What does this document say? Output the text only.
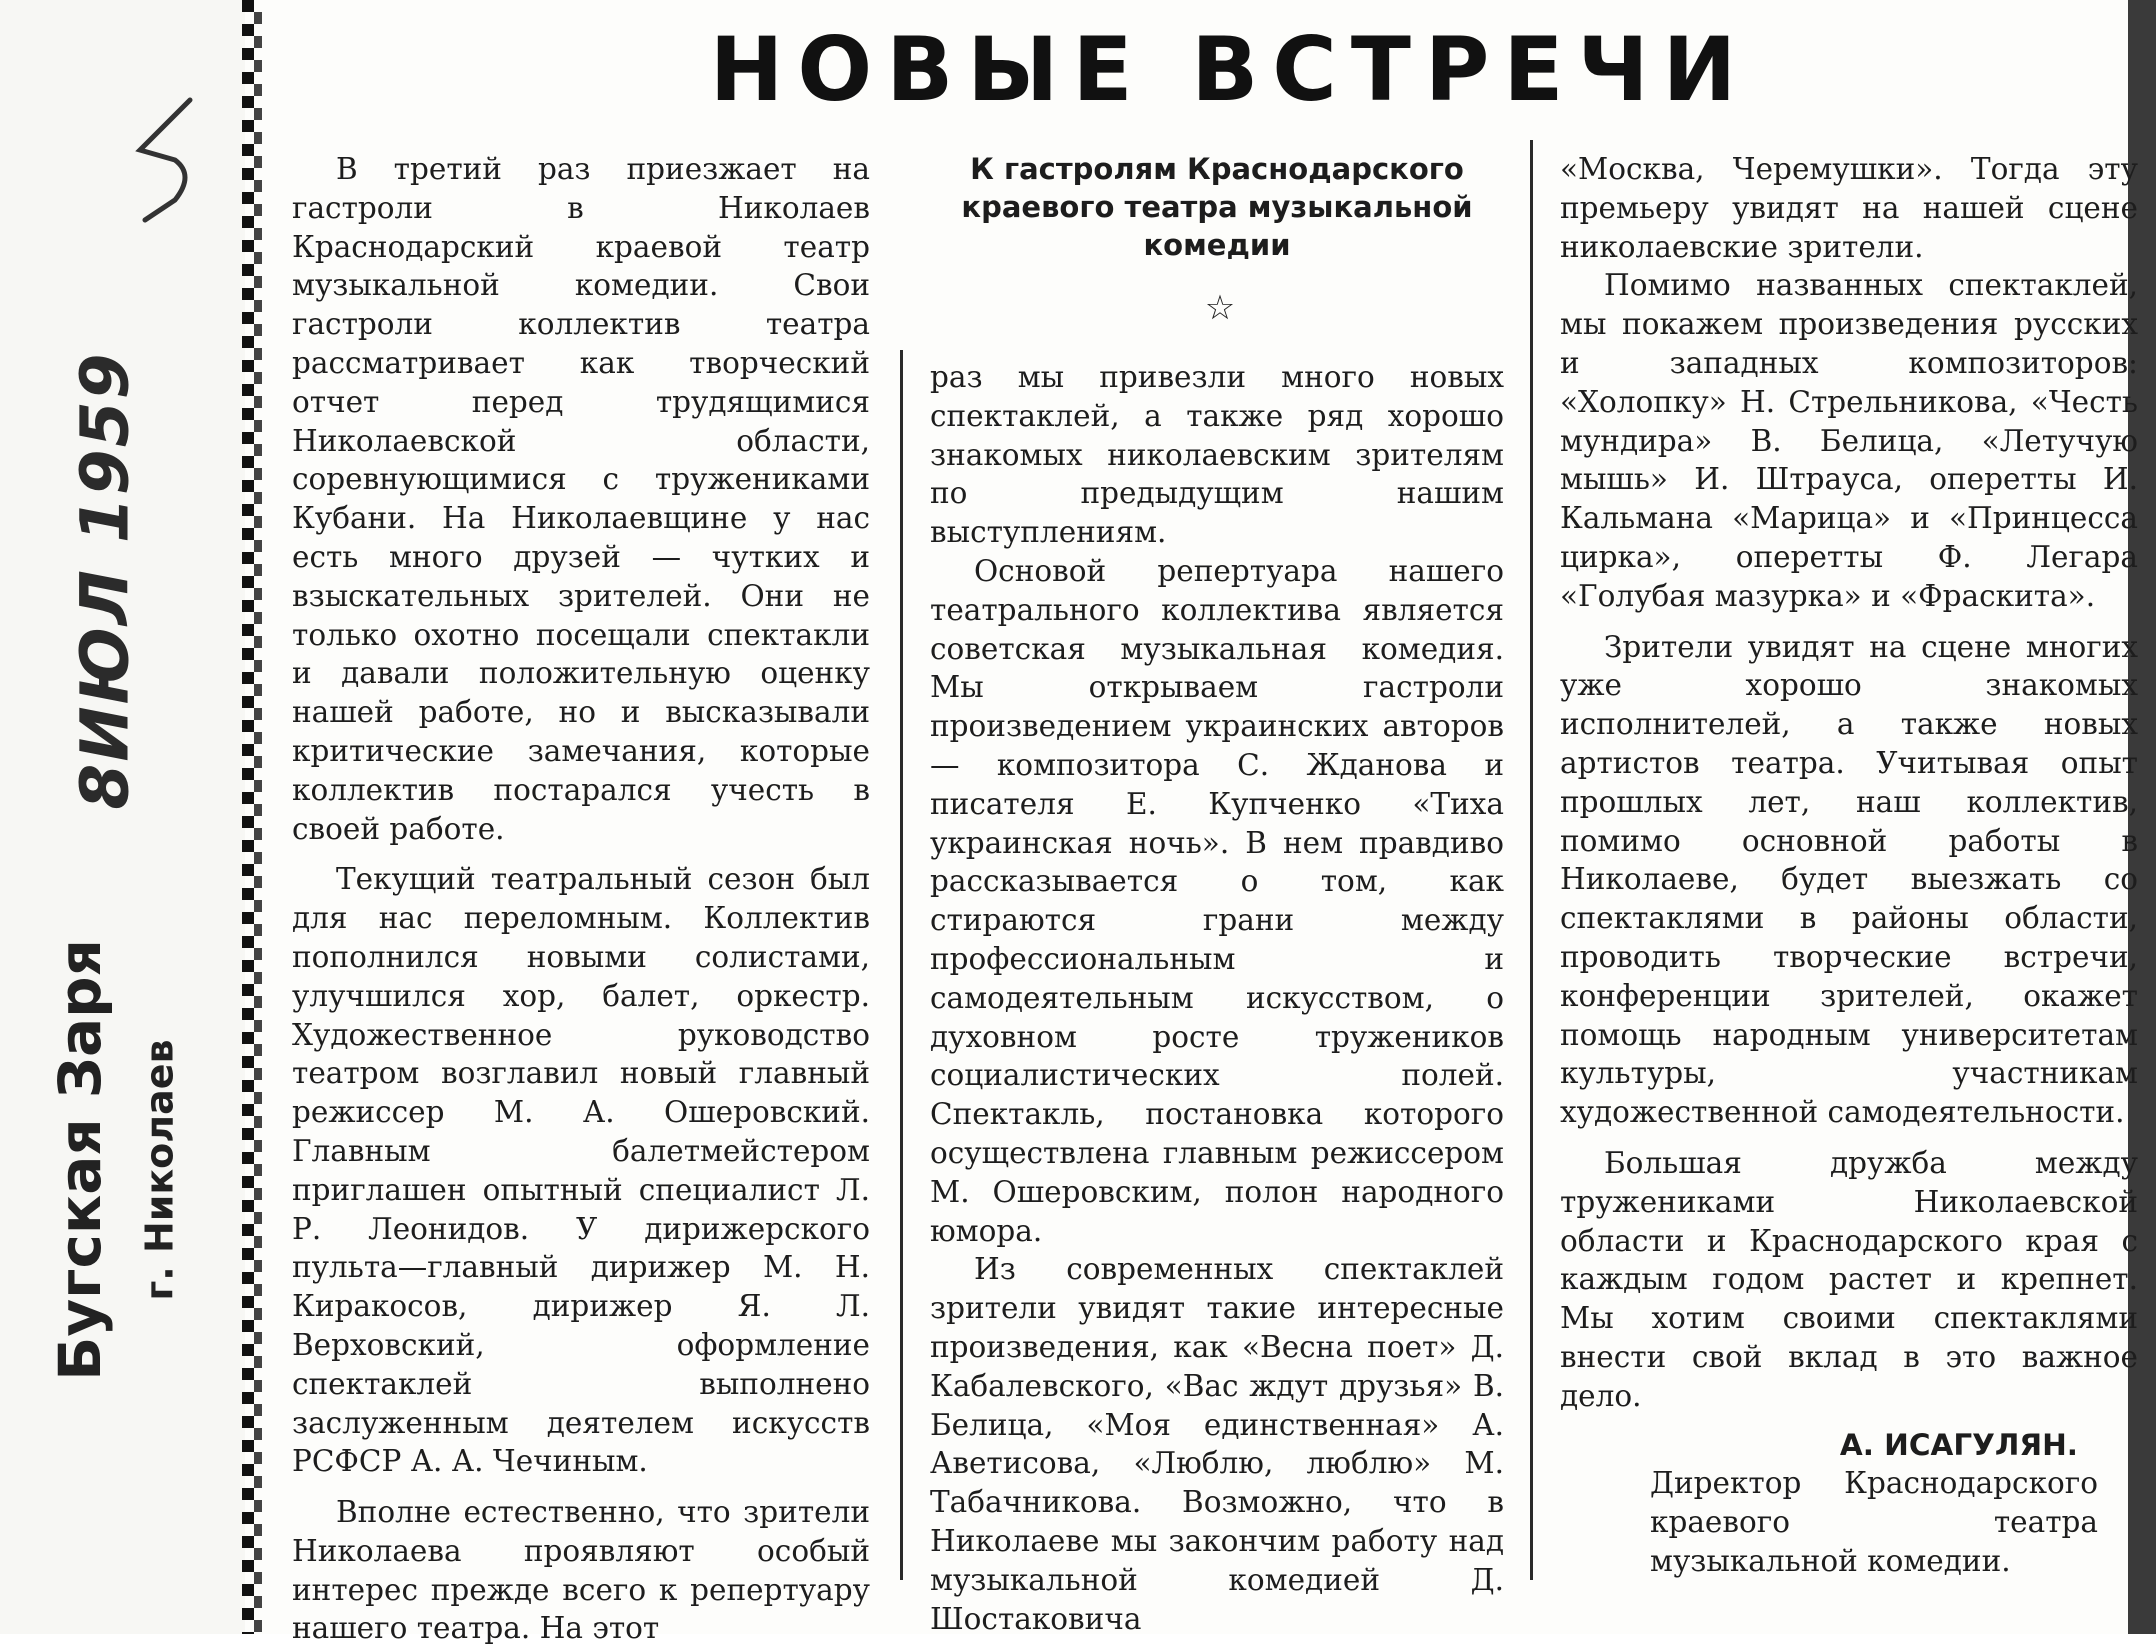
8ИЮЛ 1959
Бугская Заря г. Николаев
НОВЫЕ ВСТРЕЧИ

В третий раз приезжает на гастроли в Николаев Краснодарский краевой театр музыкальной комедии. Свои гастроли коллектив театра рассматривает как творческий отчет перед трудящимися Николаевской области, соревнующимися с тружениками Кубани. На Николаевщине у нас есть много друзей — чутких и взыскательных зрителей. Они не только охотно посещали спектакли и давали положительную оценку нашей работе, но и высказывали критические замечания, которые коллектив постарался учесть в своей работе.

Текущий театральный сезон был для нас переломным. Коллектив пополнился новыми солистами, улучшился хор, балет, оркестр. Художественное руководство театром возглавил новый главный режиссер М. А. Ошеровский. Главным балетмейстером приглашен опытный специалист Л. Р. Леонидов. У дирижерского пульта—главный дирижер М. Н. Киракосов, дирижер Я. Л. Верховский, оформление спектаклей выполнено заслуженным деятелем искусств РСФСР А. А. Чечиным.

Вполне естественно, что зрители Николаева проявляют особый интерес прежде всего к репертуару нашего театра. На этот

К гастролям Краснодарского краевого театра музыкальной комедии
☆

раз мы привезли много новых спектаклей, а также ряд хорошо знакомых николаевским зрителям по предыдущим нашим выступлениям.

Основой репертуара нашего театрального коллектива является советская музыкальная комедия. Мы открываем гастроли произведением украинских авторов — композитора С. Жданова и писателя Е. Купченко «Тиха украинская ночь». В нем правдиво рассказывается о том, как стираются грани между профессиональным и самодеятельным искусством, о духовном росте тружеников социалистических полей. Спектакль, постановка которого осуществлена главным режиссером М. Ошеровским, полон народного юмора.

Из современных спектаклей зрители увидят такие интересные произведения, как «Весна поет» Д. Кабалевского, «Вас ждут друзья» В. Белица, «Моя единственная» А. Аветисова, «Люблю, люблю» М. Табачникова. Возможно, что в Николаеве мы закончим работу над музыкальной комедией Д. Шостаковича

«Москва, Черемушки». Тогда эту премьеру увидят на нашей сцене николаевские зрители.

Помимо названных спектаклей, мы покажем произведения русских и западных композиторов: «Холопку» Н. Стрельникова, «Честь мундира» В. Белица, «Летучую мышь» И. Штрауса, оперетты И. Кальмана «Марица» и «Принцесса цирка», оперетты Ф. Легара «Голубая мазурка» и «Фраскита».

Зрители увидят на сцене многих уже хорошо знакомых исполнителей, а также новых артистов театра. Учитывая опыт прошлых лет, наш коллектив, помимо основной работы в Николаеве, будет выезжать со спектаклями в районы области, проводить творческие встречи, конференции зрителей, окажет помощь народным университетам культуры, участникам художественной самодеятельности.

Большая дружба между тружениками Николаевской области и Краснодарского края с каждым годом растет и крепнет. Мы хотим своими спектаклями внести свой вклад в это важное дело.

А. ИСАГУЛЯН.

Директор Краснодарского краевого театра музыкальной комедии.
